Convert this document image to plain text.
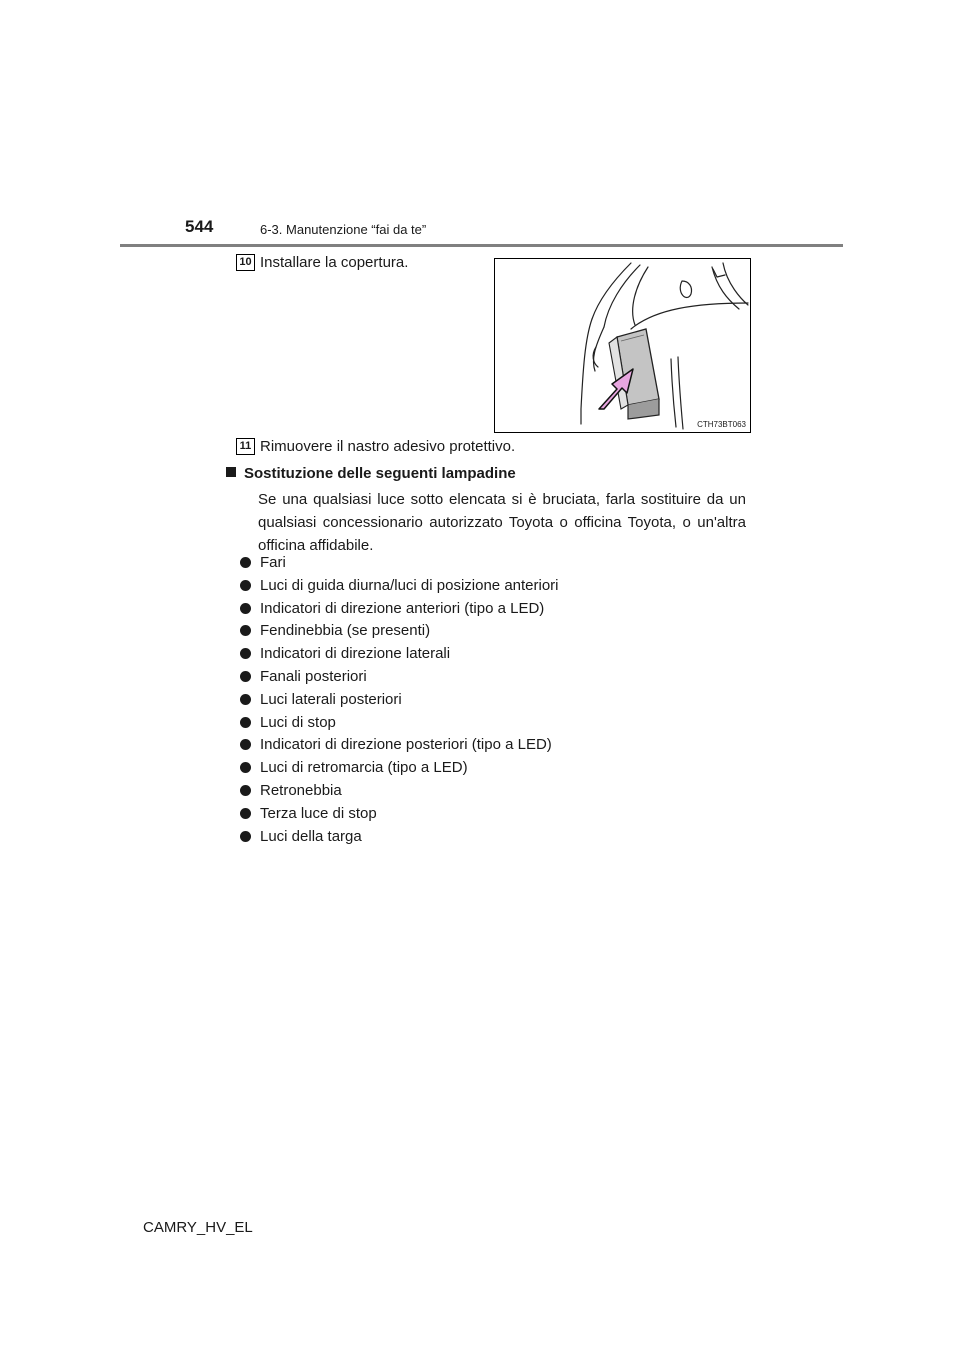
544	6-3. Manutenzione “fai da te”
10 Installare la copertura.
CTH73BT063
11 Rimuovere il nastro adesivo protettivo.
Sostituzione delle seguenti lampadine

Se una qualsiasi luce sotto elencata si è bruciata, farla sostituire da un qualsiasi concessionario autorizzato Toyota o officina Toyota, o un'altra officina affidabile.

Fari
Luci di guida diurna/luci di posizione anteriori
Indicatori di direzione anteriori (tipo a LED)
Fendinebbia (se presenti)
Indicatori di direzione laterali
Fanali posteriori
Luci laterali posteriori
Luci di stop
Indicatori di direzione posteriori (tipo a LED)
Luci di retromarcia (tipo a LED)
Retronebbia
Terza luce di stop
Luci della targa
CAMRY_HV_EL
